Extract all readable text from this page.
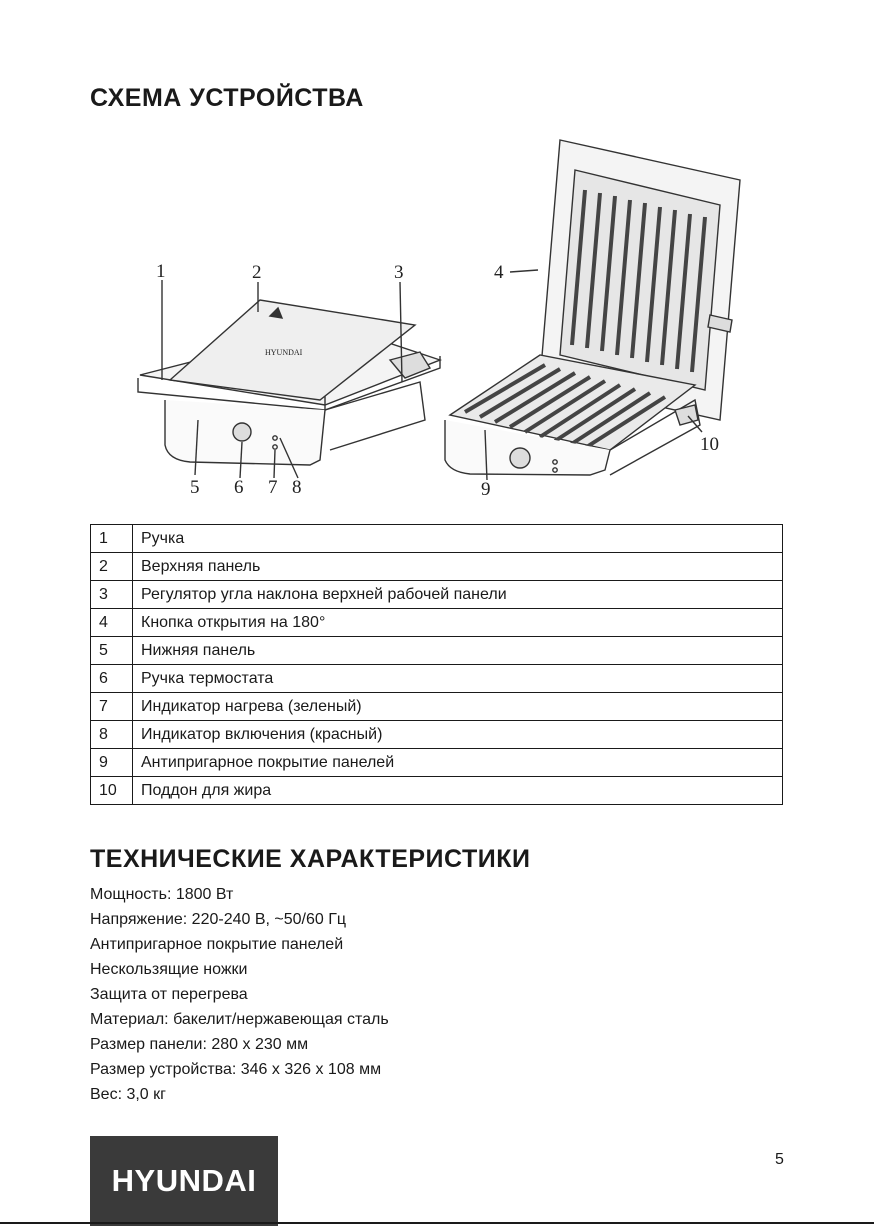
СХЕМА УСТРОЙСТВА
HYUNDAI
1	2	3	4
5 6 7 8	9
10
1	Ручка
2	Верхняя панель
3	Регулятор угла наклона верхней рабочей панели
4	Кнопка открытия на 180°
5	Нижняя панель
6	Ручка термостата
7	Индикатор нагрева (зеленый)
8	Индикатор включения (красный)
9	Антипригарное покрытие панелей
10	Поддон для жира
ТЕХНИЧЕСКИЕ ХАРАКТЕРИСТИКИ
Мощность: 1800 Вт
Напряжение: 220-240 В, ~50/60 Гц
Антипригарное покрытие панелей
Нескользящие ножки
Защита от перегрева
Материал: бакелит/нержавеющая сталь
Размер панели: 280 х 230 мм
Размер устройства: 346 х 326 х 108 мм
Вес: 3,0 кг
HYUNDAI
5
